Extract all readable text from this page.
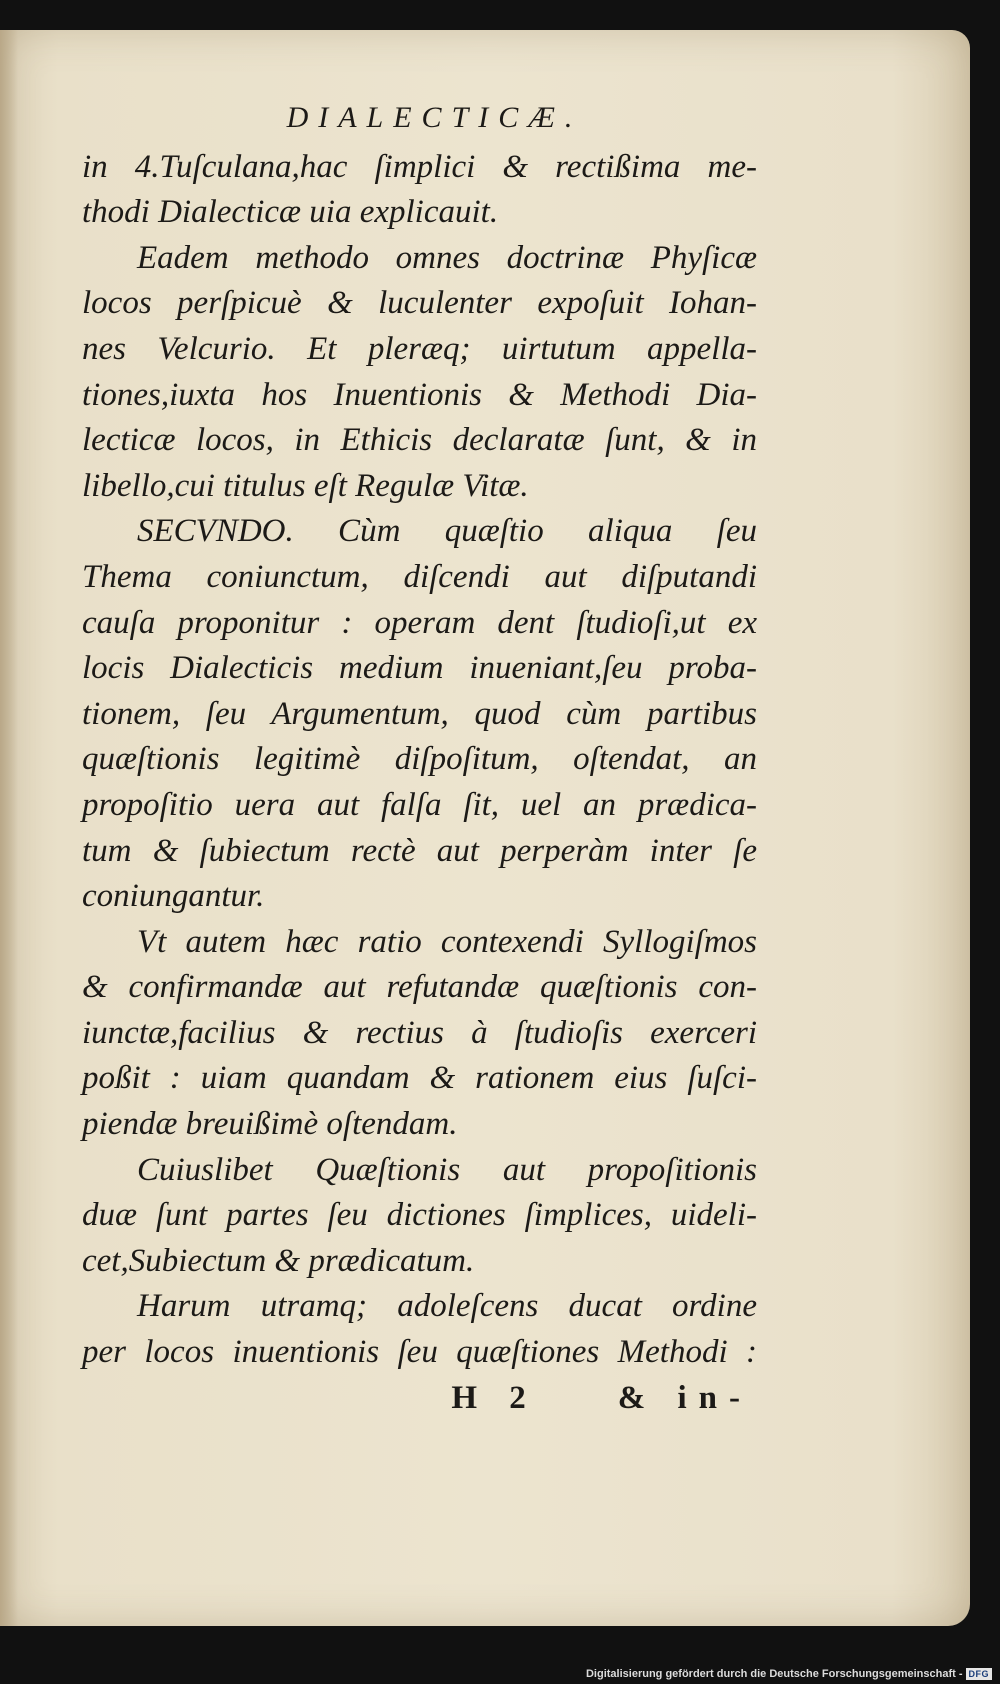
DIALECTICÆ.

in 4.Tuſculana,hac ſimplici & rectißima me-
thodi Dialecticæ uia explicauit.

Eadem methodo omnes doctrinæ Phyſicæ
locos perſpicuè & luculenter expoſuit Iohan-
nes Velcurio. Et pleræq; uirtutum appella-
tiones,iuxta hos Inuentionis & Methodi Dia-
lecticæ locos, in Ethicis declaratæ ſunt, & in
libello,cui titulus eſt Regulæ Vitæ.

SECVNDO. Cùm quæſtio aliqua ſeu
Thema coniunctum, diſcendi aut diſputandi
cauſa proponitur : operam dent ſtudioſi,ut ex
locis Dialecticis medium inueniant,ſeu proba-
tionem, ſeu Argumentum, quod cùm partibus
quæſtionis legitimè diſpoſitum, oſtendat, an
propoſitio uera aut falſa ſit, uel an prædica-
tum & ſubiectum rectè aut perperàm inter ſe
coniungantur.

Vt autem hæc ratio contexendi Syllogiſmos
& confirmandæ aut refutandæ quæſtionis con-
iunctæ,facilius & rectius à ſtudioſis exerceri
poßit : uiam quandam & rationem eius ſuſci-
piendæ breuißimè oſtendam.

Cuiuslibet Quæſtionis aut propoſitionis
duæ ſunt partes ſeu dictiones ſimplices, uideli-
cet,Subiectum & prædicatum.

Harum utramq; adoleſcens ducat ordine
per locos inuentionis ſeu quæſtiones Methodi :

H 2 & in-
Digitalisierung gefördert durch die Deutsche Forschungsgemeinschaft - DFG
